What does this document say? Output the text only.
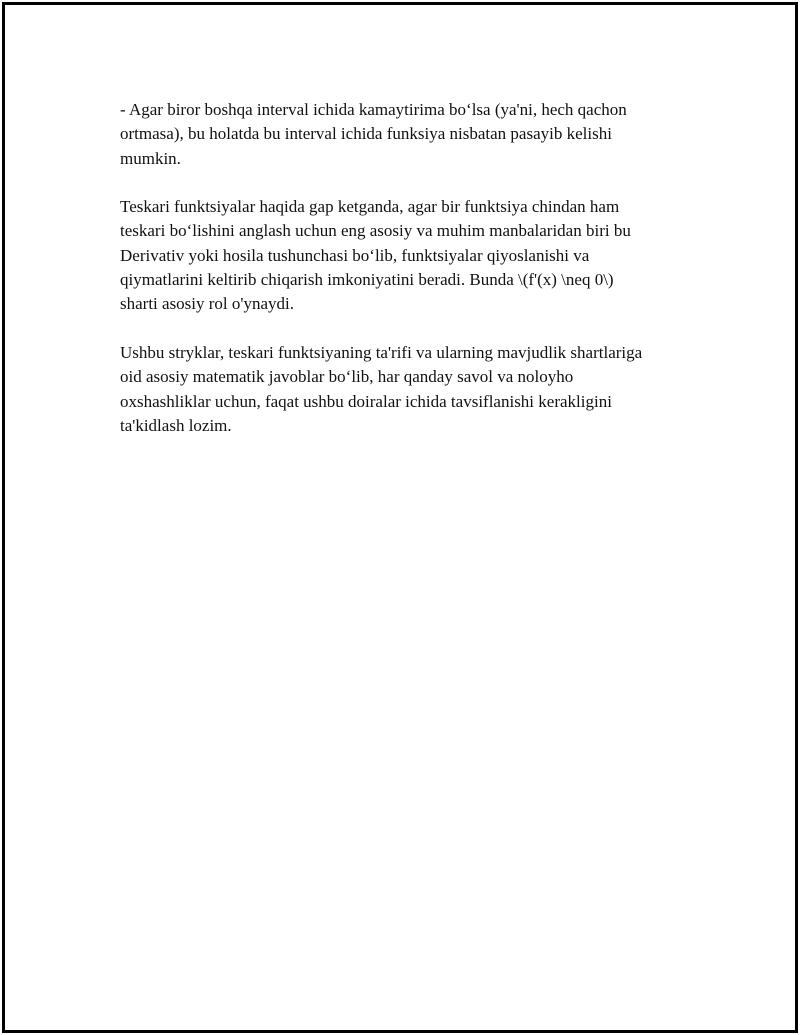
- Agar biror boshqa interval ichida kamaytirima bo‘lsa (ya'ni, hech qachon
ortmasa), bu holatda bu interval ichida funksiya nisbatan pasayib kelishi
mumkin.

Teskari funktsiyalar haqida gap ketganda, agar bir funktsiya chindan ham
teskari bo‘lishini anglash uchun eng asosiy va muhim manbalaridan biri bu
Derivativ yoki hosila tushunchasi bo‘lib, funktsiyalar qiyoslanishi va
qiymatlarini keltirib chiqarish imkoniyatini beradi. Bunda \(f'(x) \neq 0\)
sharti asosiy rol o'ynaydi.

Ushbu stryklar, teskari funktsiyaning ta'rifi va ularning mavjudlik shartlariga
oid asosiy matematik javoblar bo‘lib, har qanday savol va noloyho
oxshashliklar uchun, faqat ushbu doiralar ichida tavsiflanishi kerakligini
ta'kidlash lozim.
